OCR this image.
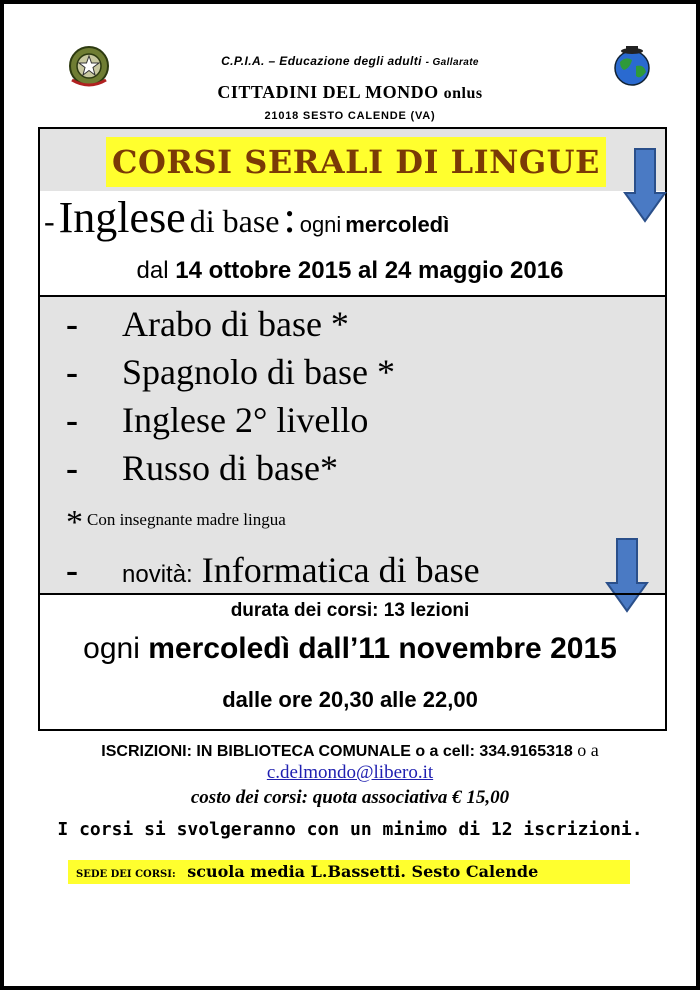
C.P.I.A. – Educazione degli adulti - Gallarate
CITTADINI DEL MONDO onlus
21018 SESTO CALENDE (VA)
CORSI SERALI DI LINGUE
- Inglese di base : ogni mercoledì
dal 14 ottobre 2015 al 24 maggio 2016
- Arabo di base *
- Spagnolo di base *
- Inglese 2° livello
- Russo di base*
* Con insegnante madre lingua
- novità: Informatica di base
durata dei corsi: 13 lezioni
ogni mercoledì dall’11 novembre 2015
dalle ore 20,30 alle 22,00
ISCRIZIONI: IN BIBLIOTECA COMUNALE o a cell: 334.9165318 o a
c.delmondo@libero.it
costo dei corsi: quota associativa € 15,00
I corsi si svolgeranno con un minimo di 12 iscrizioni.
SEDE DEI CORSI: scuola media L.Bassetti. Sesto Calende
